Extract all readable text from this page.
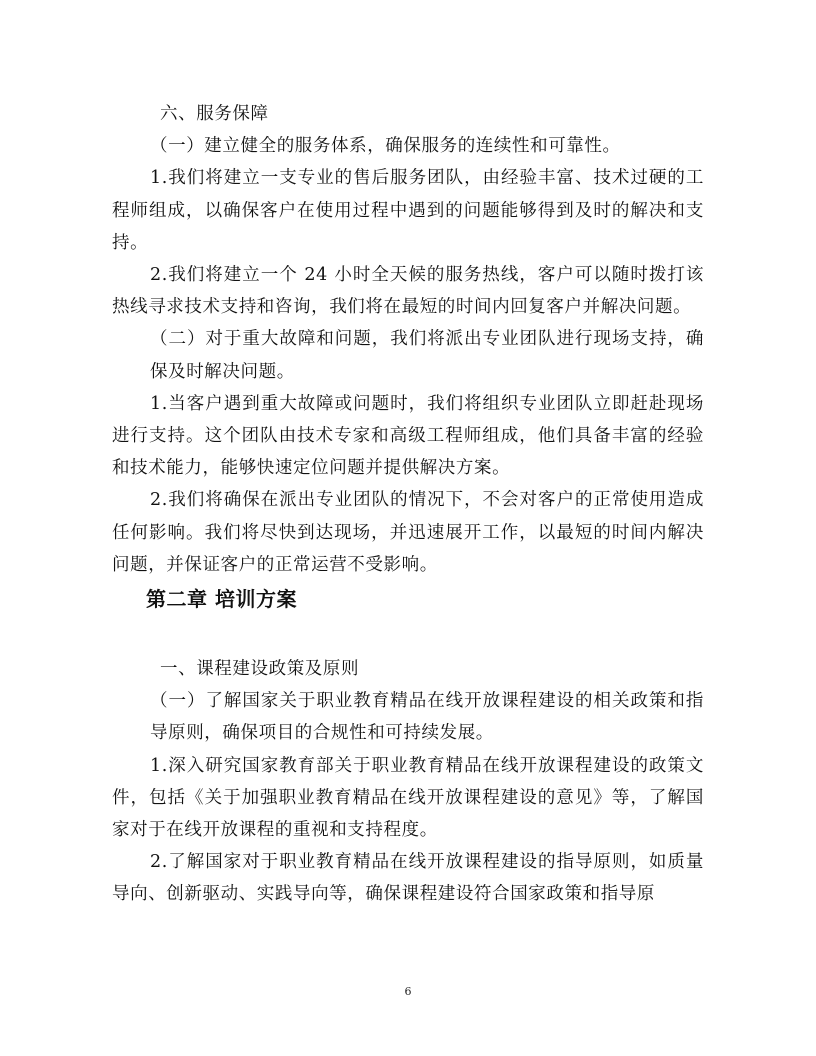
六、服务保障

（一）建立健全的服务体系，确保服务的连续性和可靠性。

1.我们将建立一支专业的售后服务团队，由经验丰富、技术过硬的工程师组成，以确保客户在使用过程中遇到的问题能够得到及时的解决和支持。

2.我们将建立一个 24 小时全天候的服务热线，客户可以随时拨打该热线寻求技术支持和咨询，我们将在最短的时间内回复客户并解决问题。

（二）对于重大故障和问题，我们将派出专业团队进行现场支持，确保及时解决问题。

1.当客户遇到重大故障或问题时，我们将组织专业团队立即赶赴现场进行支持。这个团队由技术专家和高级工程师组成，他们具备丰富的经验和技术能力，能够快速定位问题并提供解决方案。

2.我们将确保在派出专业团队的情况下，不会对客户的正常使用造成任何影响。我们将尽快到达现场，并迅速展开工作，以最短的时间内解决问题，并保证客户的正常运营不受影响。

第二章 培训方案

一、课程建设政策及原则

（一）了解国家关于职业教育精品在线开放课程建设的相关政策和指导原则，确保项目的合规性和可持续发展。

1.深入研究国家教育部关于职业教育精品在线开放课程建设的政策文件，包括《关于加强职业教育精品在线开放课程建设的意见》等，了解国家对于在线开放课程的重视和支持程度。

2.了解国家对于职业教育精品在线开放课程建设的指导原则，如质量导向、创新驱动、实践导向等，确保课程建设符合国家政策和指导原

6
